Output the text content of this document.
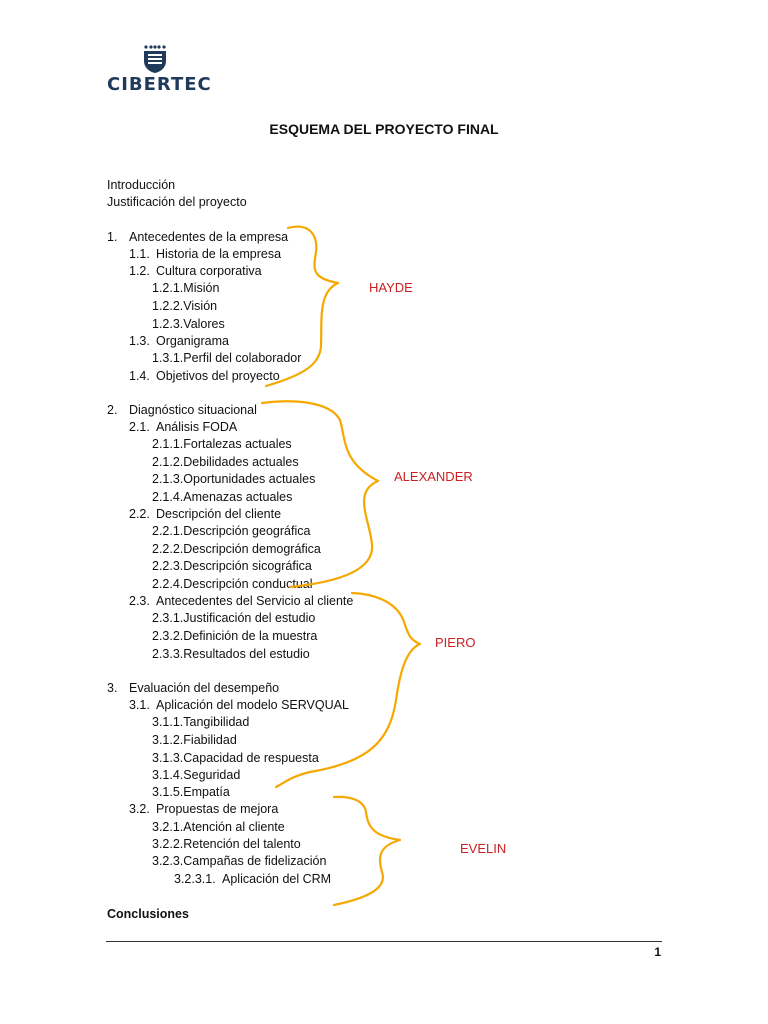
CIBERTEC
ESQUEMA DEL PROYECTO FINAL
Introducción
Justificación del proyecto
1. Antecedentes de la empresa
1.1. Historia de la empresa
1.2. Cultura corporativa
1.2.1.Misión
1.2.2.Visión
1.2.3.Valores
1.3. Organigrama
1.3.1.Perfil del colaborador
1.4. Objetivos del proyecto
2. Diagnóstico situacional
2.1. Análisis FODA
2.1.1.Fortalezas actuales
2.1.2.Debilidades actuales
2.1.3.Oportunidades actuales
2.1.4.Amenazas actuales
2.2. Descripción del cliente
2.2.1.Descripción geográfica
2.2.2.Descripción demográfica
2.2.3.Descripción sicográfica
2.2.4.Descripción conductual
2.3. Antecedentes del Servicio al cliente
2.3.1.Justificación del estudio
2.3.2.Definición de la muestra
2.3.3.Resultados del estudio
3. Evaluación del desempeño
3.1. Aplicación del modelo SERVQUAL
3.1.1.Tangibilidad
3.1.2.Fiabilidad
3.1.3.Capacidad de respuesta
3.1.4.Seguridad
3.1.5.Empatía
3.2. Propuestas de mejora
3.2.1.Atención al cliente
3.2.2.Retención del talento
3.2.3.Campañas de fidelización
3.2.3.1. Aplicación del CRM
Conclusiones
HAYDE
ALEXANDER
PIERO
EVELIN
1
